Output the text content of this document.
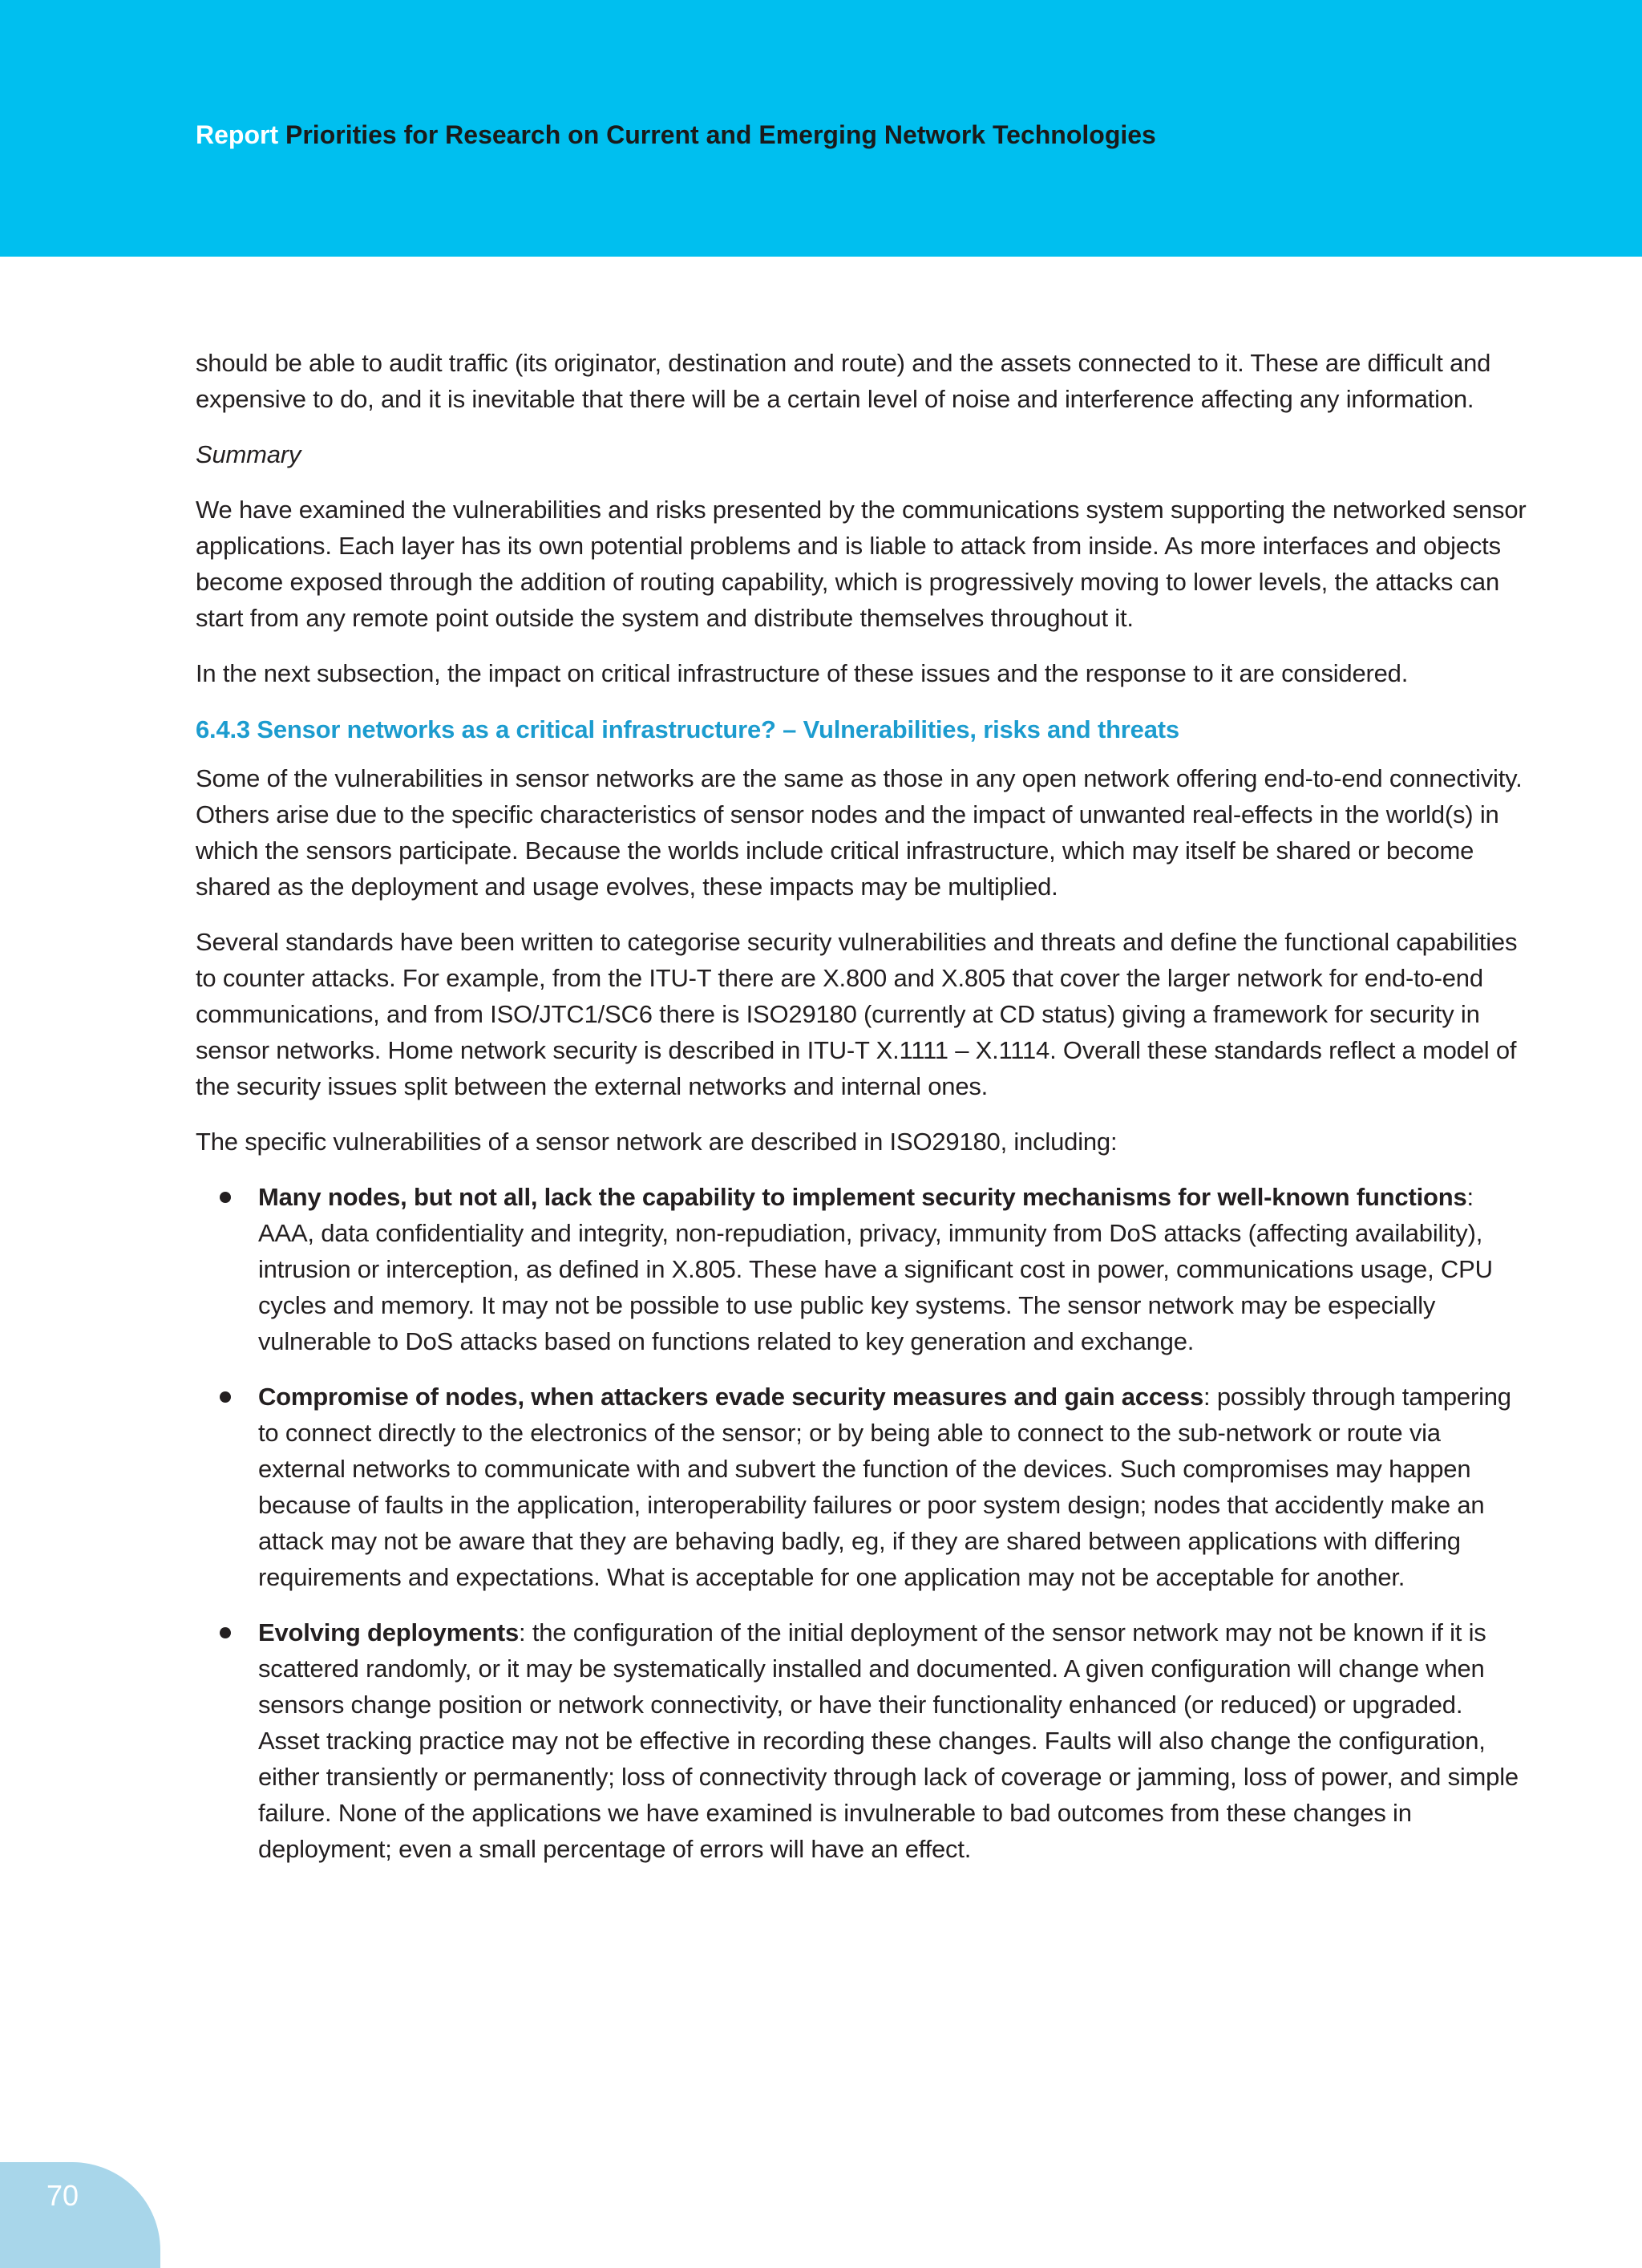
Report Priorities for Research on Current and Emerging Network Technologies

should be able to audit traffic (its originator, destination and route) and the assets connected to it. These are difficult and expensive to do, and it is inevitable that there will be a certain level of noise and interference affecting any information.

Summary

We have examined the vulnerabilities and risks presented by the communications system supporting the networked sensor applications. Each layer has its own potential problems and is liable to attack from inside. As more interfaces and objects become exposed through the addition of routing capability, which is progressively moving to lower levels, the attacks can start from any remote point outside the system and distribute themselves throughout it.

In the next subsection, the impact on critical infrastructure of these issues and the response to it are considered.

6.4.3 Sensor networks as a critical infrastructure? – Vulnerabilities, risks and threats

Some of the vulnerabilities in sensor networks are the same as those in any open network offering end-to-end connectivity. Others arise due to the specific characteristics of sensor nodes and the impact of unwanted real-effects in the world(s) in which the sensors participate. Because the worlds include critical infrastructure, which may itself be shared or become shared as the deployment and usage evolves, these impacts may be multiplied.

Several standards have been written to categorise security vulnerabilities and threats and define the functional capabilities to counter attacks. For example, from the ITU-T there are X.800 and X.805 that cover the larger network for end-to-end communications, and from ISO/JTC1/SC6 there is ISO29180 (currently at CD status) giving a framework for security in sensor networks. Home network security is described in ITU-T X.1111 – X.1114. Overall these standards reflect a model of the security issues split between the external networks and internal ones.

The specific vulnerabilities of a sensor network are described in ISO29180, including:

Many nodes, but not all, lack the capability to implement security mechanisms for well-known functions: AAA, data confidentiality and integrity, non-repudiation, privacy, immunity from DoS attacks (affecting availability), intrusion or interception, as defined in X.805. These have a significant cost in power, communications usage, CPU cycles and memory. It may not be possible to use public key systems. The sensor network may be especially vulnerable to DoS attacks based on functions related to key generation and exchange.
Compromise of nodes, when attackers evade security measures and gain access: possibly through tampering to connect directly to the electronics of the sensor; or by being able to connect to the sub-network or route via external networks to communicate with and subvert the function of the devices. Such compromises may happen because of faults in the application, interoperability failures or poor system design; nodes that accidently make an attack may not be aware that they are behaving badly, eg, if they are shared between applications with differing requirements and expectations. What is acceptable for one application may not be acceptable for another.
Evolving deployments: the configuration of the initial deployment of the sensor network may not be known if it is scattered randomly, or it may be systematically installed and documented. A given configuration will change when sensors change position or network connectivity, or have their functionality enhanced (or reduced) or upgraded. Asset tracking practice may not be effective in recording these changes. Faults will also change the configuration, either transiently or permanently; loss of connectivity through lack of coverage or jamming, loss of power, and simple failure. None of the applications we have examined is invulnerable to bad outcomes from these changes in deployment; even a small percentage of errors will have an effect.
70
